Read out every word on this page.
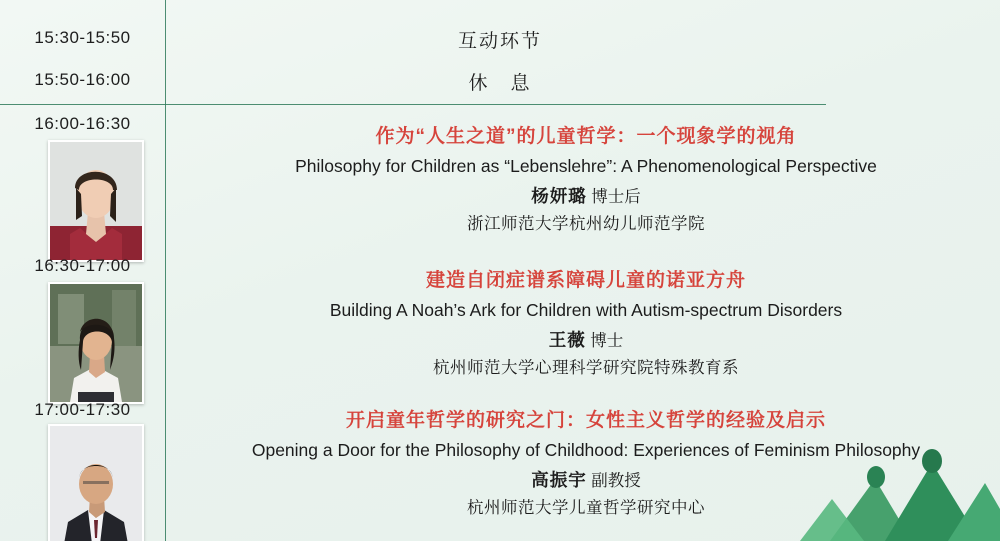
15:30-15:50	互动环节
15:50-16:00	休　息
16:00-16:30
作为“人生之道”的儿童哲学：一个现象学的视角
Philosophy for Children as “Lebenslehre”: A Phenomenological Perspective
杨妍璐 博士后
浙江师范大学杭州幼儿师范学院
16:30-17:00
建造自闭症谱系障碍儿童的诺亚方舟
Building A Noah’s Ark for Children with Autism-spectrum Disorders
王薇 博士
杭州师范大学心理科学研究院特殊教育系
17:00-17:30
开启童年哲学的研究之门：女性主义哲学的经验及启示
Opening a Door for the Philosophy of Childhood: Experiences of Feminism Philosophy
高振宇 副教授
杭州师范大学儿童哲学研究中心
